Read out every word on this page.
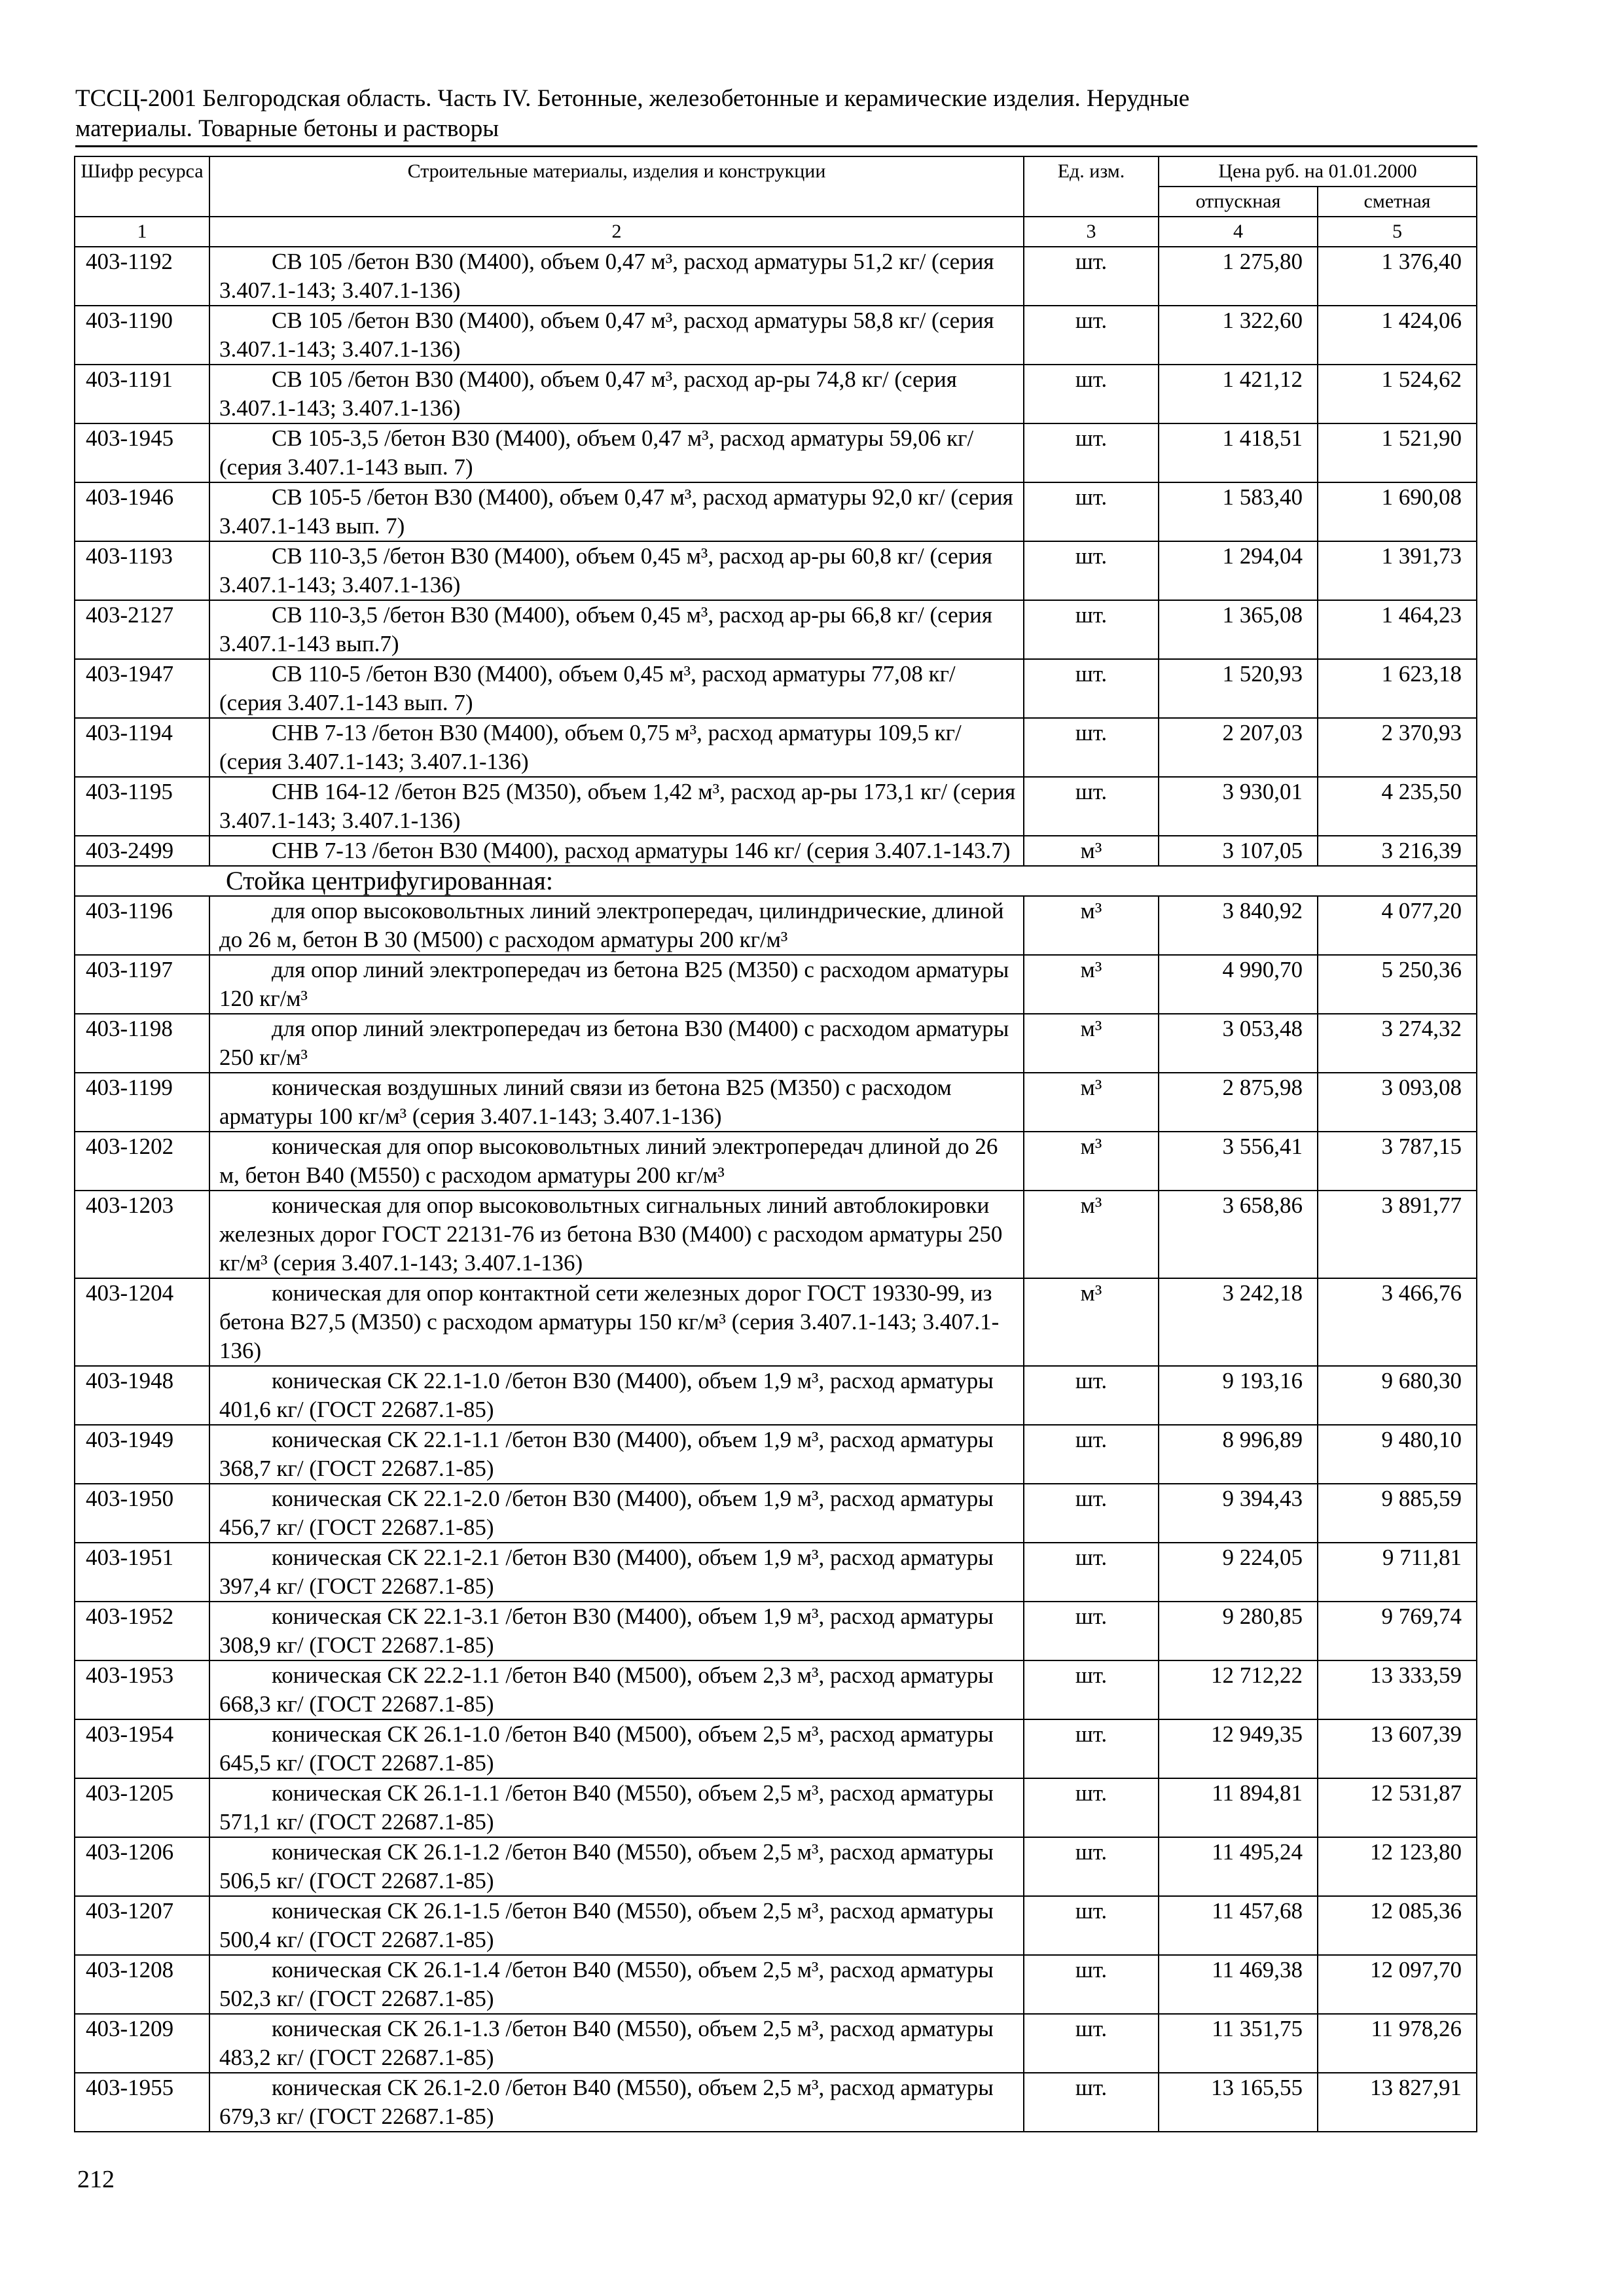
ТССЦ-2001 Белгородская область. Часть IV. Бетонные, железобетонные и керамические изделия. Нерудные
материалы. Товарные бетоны и растворы
Шифр ресурса	Строительные материалы, изделия и конструкции	Ед. изм.	Цена руб. на 01.01.2000	
			отпускная	сметная
1	2	3	4	5
403-1192	СВ 105 /бетон В30 (М400), объем 0,47 м³, расход арматуры 51,2 кг/ (серия 3.407.1-143; 3.407.1-136)	шт.	1 275,80	1 376,40
403-1190	СВ 105 /бетон В30 (М400), объем 0,47 м³, расход арматуры 58,8 кг/ (серия 3.407.1-143; 3.407.1-136)	шт.	1 322,60	1 424,06
403-1191	СВ 105 /бетон В30 (М400), объем 0,47 м³, расход ар-ры 74,8 кг/ (серия 3.407.1-143; 3.407.1-136)	шт.	1 421,12	1 524,62
403-1945	СВ 105-3,5 /бетон В30 (М400), объем 0,47 м³, расход арматуры 59,06 кг/ (серия 3.407.1-143 вып. 7)	шт.	1 418,51	1 521,90
403-1946	СВ 105-5 /бетон В30 (М400), объем 0,47 м³, расход арматуры 92,0 кг/ (серия 3.407.1-143 вып. 7)	шт.	1 583,40	1 690,08
403-1193	СВ 110-3,5 /бетон В30 (М400), объем 0,45 м³, расход ар-ры 60,8 кг/ (серия 3.407.1-143; 3.407.1-136)	шт.	1 294,04	1 391,73
403-2127	СВ 110-3,5 /бетон В30 (М400), объем 0,45 м³, расход ар-ры 66,8 кг/ (серия 3.407.1-143 вып.7)	шт.	1 365,08	1 464,23
403-1947	СВ 110-5 /бетон В30 (М400), объем 0,45 м³, расход арматуры 77,08 кг/ (серия 3.407.1-143 вып. 7)	шт.	1 520,93	1 623,18
403-1194	СНВ 7-13 /бетон В30 (М400), объем 0,75 м³, расход арматуры 109,5 кг/ (серия 3.407.1-143; 3.407.1-136)	шт.	2 207,03	2 370,93
403-1195	СНВ 164-12 /бетон В25 (М350), объем 1,42 м³, расход ар-ры 173,1 кг/ (серия 3.407.1-143; 3.407.1-136)	шт.	3 930,01	4 235,50
403-2499	СНВ 7-13 /бетон В30 (М400), расход арматуры 146 кг/ (серия 3.407.1-143.7)	м³	3 107,05	3 216,39
Стойка центрифугированная:				
403-1196	для опор высоковольтных линий электропередач, цилиндрические, длиной до 26 м, бетон В 30 (М500) с расходом арматуры 200 кг/м³	м³	3 840,92	4 077,20
403-1197	для опор линий электропередач из бетона В25 (М350) с расходом арматуры 120 кг/м³	м³	4 990,70	5 250,36
403-1198	для опор линий электропередач из бетона В30 (М400) с расходом арматуры 250 кг/м³	м³	3 053,48	3 274,32
403-1199	коническая воздушных линий связи из бетона В25 (М350) с расходом арматуры 100 кг/м³ (серия 3.407.1-143; 3.407.1-136)	м³	2 875,98	3 093,08
403-1202	коническая для опор высоковольтных линий электропередач длиной до 26 м, бетон В40 (М550) с расходом арматуры 200 кг/м³	м³	3 556,41	3 787,15
403-1203	коническая для опор высоковольтных сигнальных линий автоблокировки железных дорог ГОСТ 22131-76 из бетона В30 (М400) с расходом арматуры 250 кг/м³ (серия 3.407.1-143; 3.407.1-136)	м³	3 658,86	3 891,77
403-1204	коническая для опор контактной сети железных дорог ГОСТ 19330-99, из бетона В27,5 (М350) с расходом арматуры 150 кг/м³ (серия 3.407.1-143; 3.407.1-136)	м³	3 242,18	3 466,76
403-1948	коническая СК 22.1-1.0 /бетон В30 (М400), объем 1,9 м³, расход арматуры 401,6 кг/ (ГОСТ 22687.1-85)	шт.	9 193,16	9 680,30
403-1949	коническая СК 22.1-1.1 /бетон В30 (М400), объем 1,9 м³, расход арматуры 368,7 кг/ (ГОСТ 22687.1-85)	шт.	8 996,89	9 480,10
403-1950	коническая СК 22.1-2.0 /бетон В30 (М400), объем 1,9 м³, расход арматуры 456,7 кг/ (ГОСТ 22687.1-85)	шт.	9 394,43	9 885,59
403-1951	коническая СК 22.1-2.1 /бетон В30 (М400), объем 1,9 м³, расход арматуры 397,4 кг/ (ГОСТ 22687.1-85)	шт.	9 224,05	9 711,81
403-1952	коническая СК 22.1-3.1 /бетон В30 (М400), объем 1,9 м³, расход арматуры 308,9 кг/ (ГОСТ 22687.1-85)	шт.	9 280,85	9 769,74
403-1953	коническая СК 22.2-1.1 /бетон В40 (М500), объем 2,3 м³, расход арматуры 668,3 кг/ (ГОСТ 22687.1-85)	шт.	12 712,22	13 333,59
403-1954	коническая СК 26.1-1.0 /бетон В40 (М500), объем 2,5 м³, расход арматуры 645,5 кг/ (ГОСТ 22687.1-85)	шт.	12 949,35	13 607,39
403-1205	коническая СК 26.1-1.1 /бетон В40 (М550), объем 2,5 м³, расход арматуры 571,1 кг/ (ГОСТ 22687.1-85)	шт.	11 894,81	12 531,87
403-1206	коническая СК 26.1-1.2 /бетон В40 (М550), объем 2,5 м³, расход арматуры 506,5 кг/ (ГОСТ 22687.1-85)	шт.	11 495,24	12 123,80
403-1207	коническая СК 26.1-1.5 /бетон В40 (М550), объем 2,5 м³, расход арматуры 500,4 кг/ (ГОСТ 22687.1-85)	шт.	11 457,68	12 085,36
403-1208	коническая СК 26.1-1.4 /бетон В40 (М550), объем 2,5 м³, расход арматуры 502,3 кг/ (ГОСТ 22687.1-85)	шт.	11 469,38	12 097,70
403-1209	коническая СК 26.1-1.3 /бетон В40 (М550), объем 2,5 м³, расход арматуры 483,2 кг/ (ГОСТ 22687.1-85)	шт.	11 351,75	11 978,26
403-1955	коническая СК 26.1-2.0 /бетон В40 (М550), объем 2,5 м³, расход арматуры 679,3 кг/ (ГОСТ 22687.1-85)	шт.	13 165,55	13 827,91
212
